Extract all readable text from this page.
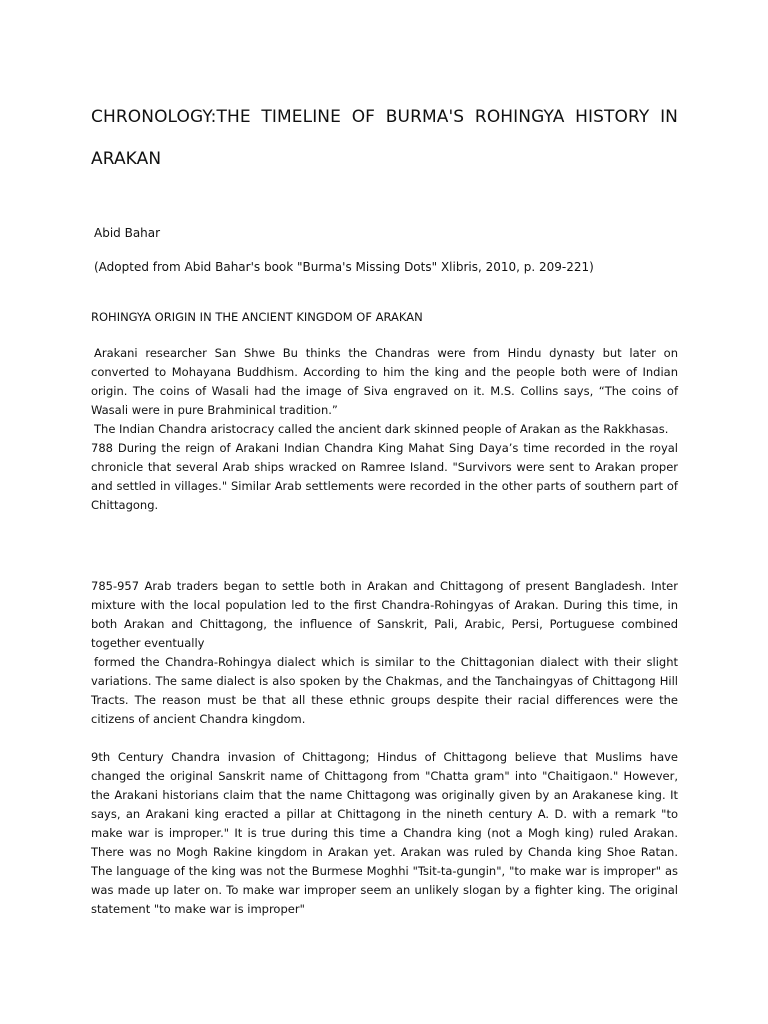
CHRONOLOGY:THE TIMELINE OF BURMA'S ROHINGYA HISTORY IN ARAKAN

Abid Bahar

(Adopted from Abid Bahar's book "Burma's Missing Dots" Xlibris, 2010, p. 209-221)

ROHINGYA ORIGIN IN THE ANCIENT KINGDOM OF ARAKAN

Arakani researcher San Shwe Bu thinks the Chandras were from Hindu dynasty but later on converted to Mohayana Buddhism. According to him the king and the people both were of Indian origin. The coins of Wasali had the image of Siva engraved on it. M.S. Collins says, “The coins of Wasali were in pure Brahminical tradition.”

The Indian Chandra aristocracy called the ancient dark skinned people of Arakan as the Rakkhasas.

788 During the reign of Arakani Indian Chandra King Mahat Sing Daya’s time recorded in the royal chronicle that several Arab ships wracked on Ramree Island. "Survivors were sent to Arakan proper and settled in villages." Similar Arab settlements were recorded in the other parts of southern part of Chittagong.

785-957 Arab traders began to settle both in Arakan and Chittagong of present Bangladesh. Inter mixture with the local population led to the first Chandra-Rohingyas of Arakan. During this time, in both Arakan and Chittagong, the influence of Sanskrit, Pali, Arabic, Persi, Portuguese combined together eventually

formed the Chandra-Rohingya dialect which is similar to the Chittagonian dialect with their slight variations. The same dialect is also spoken by the Chakmas, and the Tanchaingyas of Chittagong Hill Tracts. The reason must be that all these ethnic groups despite their racial differences were the citizens of ancient Chandra kingdom.

9th Century Chandra invasion of Chittagong; Hindus of Chittagong believe that Muslims have changed the original Sanskrit name of Chittagong from "Chatta gram" into "Chaitigaon." However, the Arakani historians claim that the name Chittagong was originally given by an Arakanese king. It says, an Arakani king eracted a pillar at Chittagong in the nineth century A. D. with a remark "to make war is improper." It is true during this time a Chandra king (not a Mogh king) ruled Arakan. There was no Mogh Rakine kingdom in Arakan yet. Arakan was ruled by Chanda king Shoe Ratan. The language of the king was not the Burmese Moghhi "Tsit-ta-gungin", "to make war is improper" as was made up later on. To make war improper seem an unlikely slogan by a fighter king. The original statement "to make war is improper"
